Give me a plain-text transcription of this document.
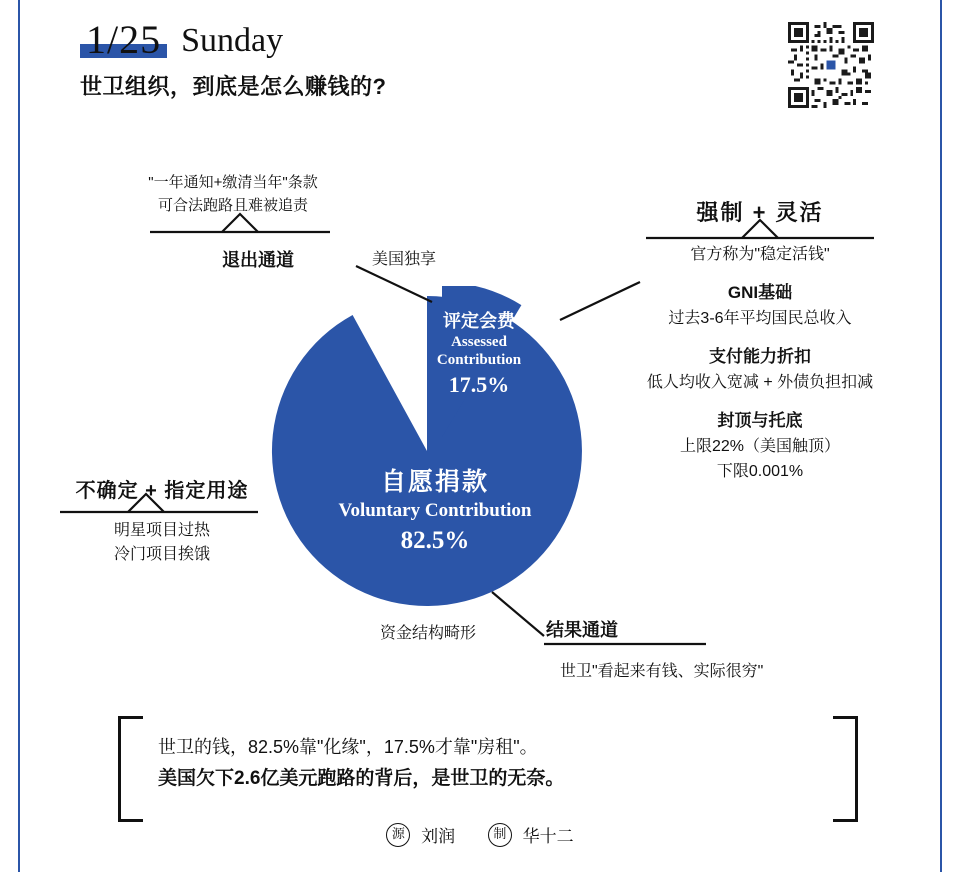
1/25 Sunday
世卫组织，到底是怎么赚钱的?
评定会费
Assessed
Contribution
17.5%
自愿捐款
Voluntary Contribution
82.5%
"一年通知+缴清当年"条款
可合法跑路且难被追责
退出通道	美国独享
强制 + 灵活
官方称为"稳定活钱"
GNI基础
过去3-6年平均国民总收入
支付能力折扣
低人均收入宽减 + 外债负担扣减
封顶与托底
上限22%（美国触顶）
下限0.001%
不确定 + 指定用途
明星项目过热
冷门项目挨饿
资金结构畸形	结果通道
世卫"看起来有钱、实际很穷"
世卫的钱，82.5%靠"化缘"，17.5%才靠"房租"。
美国欠下2.6亿美元跑路的背后，是世卫的无奈。
源 刘润	制 华十二
